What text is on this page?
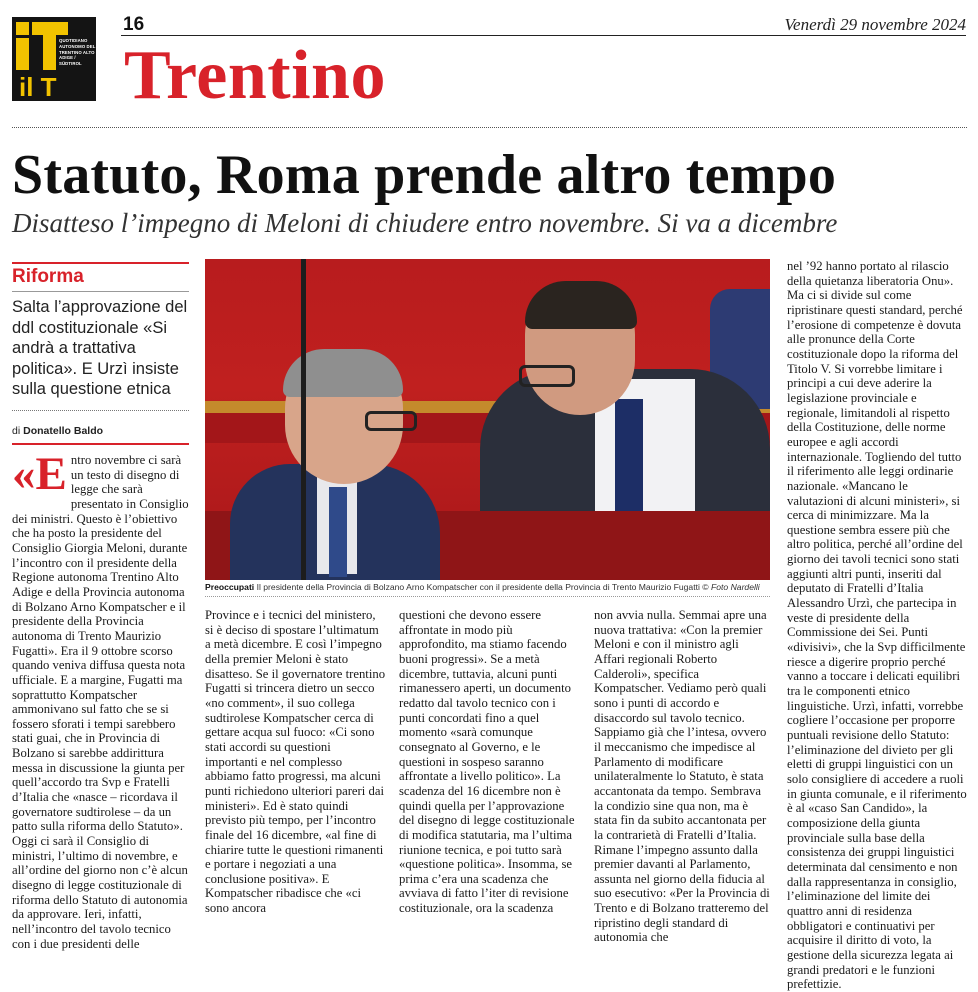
QUOTIDIANO AUTONOMO DEL TRENTINO ALTO ADIGE / SÜDTIROL
il T
16	Venerdì 29 novembre 2024
Trentino
Statuto, Roma prende altro tempo
Disatteso l’impegno di Meloni di chiudere entro novembre. Si va a dicembre
Riforma
Salta l’approvazione del ddl costituzionale «Si andrà a trattativa politica». E Urzì insiste sulla questione etnica
di Donatello Baldo
«E ntro novembre ci sarà un testo di disegno di legge che sarà presentato in Consiglio dei ministri. Questo è l’obiettivo che ha posto la presidente del Consiglio Giorgia Meloni, durante l’incontro con il presidente della Regione autonoma Trentino Alto Adige e della Provincia autonoma di Bolzano Arno Kompatscher e il presidente della Provincia autonoma di Trento Maurizio Fugatti». Era il 9 ottobre scorso quando veniva diffusa questa nota ufficiale. E a margine, Fugatti ma soprattutto Kompatscher ammonivano sul fatto che se si fossero sforati i tempi sarebbero stati guai, che in Provincia di Bolzano si sarebbe addirittura messa in discussione la giunta per quell’accordo tra Svp e Fratelli d’Italia che «nasce – ricordava il governatore sudtirolese – da un patto sulla riforma dello Statuto». Oggi ci sarà il Consiglio di ministri, l’ultimo di novembre, e all’ordine del giorno non c’è alcun disegno di legge costituzionale di riforma dello Statuto di autonomia da approvare. Ieri, infatti, nell’incontro del tavolo tecnico con i due presidenti delle

Preoccupati Il presidente della Provincia di Bolzano Arno Kompatscher con il presidente della Provincia di Trento Maurizio Fugatti © Foto Nardelli

Province e i tecnici del ministero, si è deciso di spostare l’ultimatum a metà dicembre. E così l’impegno della premier Meloni è stato disatteso. Se il governatore trentino Fugatti si trincera dietro un secco «no comment», il suo collega sudtirolese Kompatscher cerca di gettare acqua sul fuoco: «Ci sono stati accordi su questioni importanti e nel complesso abbiamo fatto progressi, ma alcuni punti richiedono ulteriori pareri dai ministeri». Ed è stato quindi previsto più tempo, per l’incontro finale del 16 dicembre, «al fine di chiarire tutte le questioni rimanenti e portare i negoziati a una conclusione positiva». E Kompatscher ribadisce che «ci sono ancora

questioni che devono essere affrontate in modo più approfondito, ma stiamo facendo buoni progressi». Se a metà dicembre, tuttavia, alcuni punti rimanessero aperti, un documento redatto dal tavolo tecnico con i punti concordati fino a quel momento «sarà comunque consegnato al Governo, e le questioni in sospeso saranno affrontate a livello politico». La scadenza del 16 dicembre non è quindi quella per l’approvazione del disegno di legge costituzionale di modifica statutaria, ma l’ultima riunione tecnica, e poi tutto sarà «questione politica». Insomma, se prima c’era una scadenza che avviava di fatto l’iter di revisione costituzionale, ora la scadenza

non avvia nulla. Semmai apre una nuova trattativa: «Con la premier Meloni e con il ministro agli Affari regionali Roberto Calderoli», specifica Kompatscher. Vediamo però quali sono i punti di accordo e disaccordo sul tavolo tecnico. Sappiamo già che l’intesa, ovvero il meccanismo che impedisce al Parlamento di modificare unilateralmente lo Statuto, è stata accantonata da tempo. Sembrava la condizio sine qua non, ma è stata fin da subito accantonata per la contrarietà di Fratelli d’Italia. Rimane l’impegno assunto dalla premier davanti al Parlamento, assunta nel giorno della fiducia al suo esecutivo: «Per la Provincia di Trento e di Bolzano tratteremo del ripristino degli standard di autonomia che

nel ’92 hanno portato al rilascio della quietanza liberatoria Onu». Ma ci si divide sul come ripristinare questi standard, perché l’erosione di competenze è dovuta alle pronunce della Corte costituzionale dopo la riforma del Titolo V. Si vorrebbe limitare i principi a cui deve aderire la legislazione provinciale e regionale, limitandoli al rispetto della Costituzione, delle norme europee e agli accordi internazionale. Togliendo del tutto il riferimento alle leggi ordinarie nazionale. «Mancano le valutazioni di alcuni ministeri», si cerca di minimizzare. Ma la questione sembra essere più che altro politica, perché all’ordine del giorno dei tavoli tecnici sono stati aggiunti altri punti, inseriti dal deputato di Fratelli d’Italia Alessandro Urzì, che partecipa in veste di presidente della Commissione dei Sei. Punti «divisivi», che la Svp difficilmente riesce a digerire proprio perché vanno a toccare i delicati equilibri tra le componenti etnico linguistiche. Urzì, infatti, vorrebbe cogliere l’occasione per proporre puntuali revisione dello Statuto: l’eliminazione del divieto per gli eletti di gruppi linguistici con un solo consigliere di accedere a ruoli in giunta comunale, e il riferimento è al «caso San Candido», la composizione della giunta provinciale sulla base della consistenza dei gruppi linguistici determinata dal censimento e non dalla rappresentanza in consiglio, l’eliminazione del limite dei quattro anni di residenza obbligatori e continuativi per acquisire il diritto di voto, la gestione della sicurezza legata ai grandi predatori e le funzioni prefettizie.
